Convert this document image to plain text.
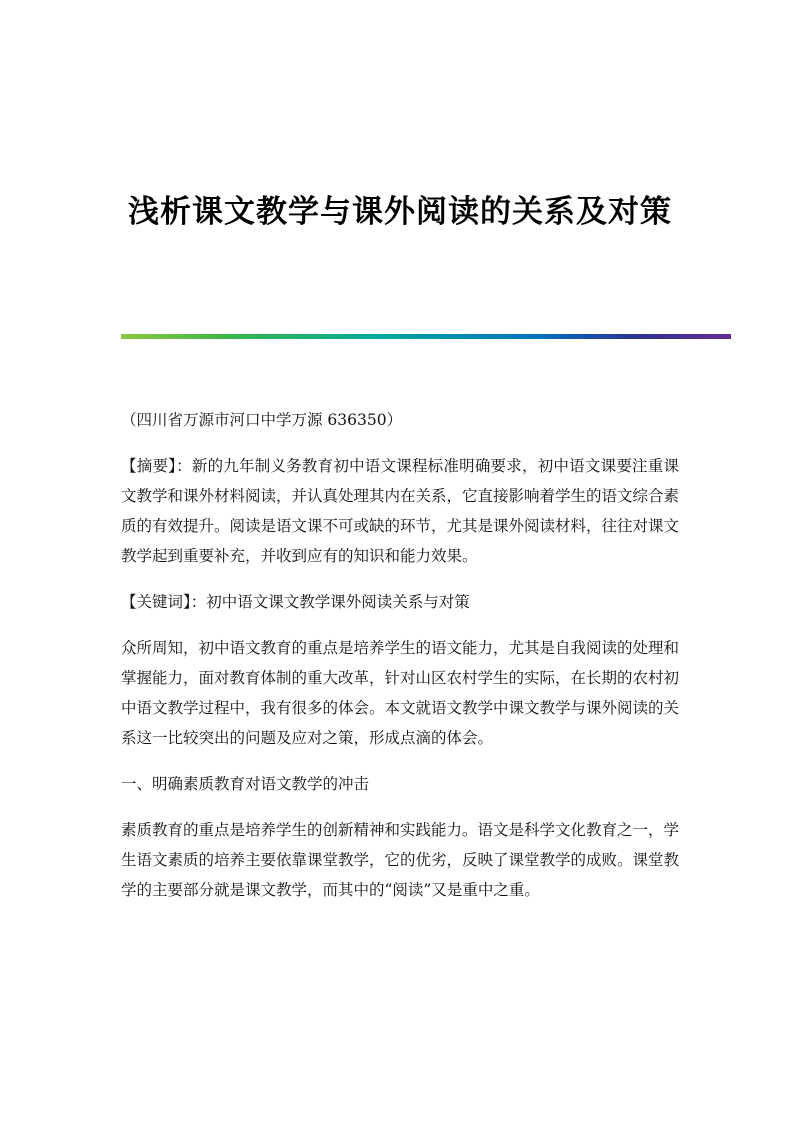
浅析课文教学与课外阅读的关系及对策

（四川省万源市河口中学万源 636350）

【摘要】：新的九年制义务教育初中语文课程标准明确要求，初中语文课要注重课文教学和课外材料阅读，并认真处理其内在关系，它直接影响着学生的语文综合素质的有效提升。阅读是语文课不可或缺的环节，尤其是课外阅读材料，往往对课文教学起到重要补充，并收到应有的知识和能力效果。

【关键词】：初中语文课文教学课外阅读关系与对策

众所周知，初中语文教育的重点是培养学生的语文能力，尤其是自我阅读的处理和掌握能力，面对教育体制的重大改革，针对山区农村学生的实际，在长期的农村初中语文教学过程中，我有很多的体会。本文就语文教学中课文教学与课外阅读的关系这一比较突出的问题及应对之策，形成点滴的体会。

一、明确素质教育对语文教学的冲击

素质教育的重点是培养学生的创新精神和实践能力。语文是科学文化教育之一，学生语文素质的培养主要依靠课堂教学，它的优劣，反映了课堂教学的成败。课堂教学的主要部分就是课文教学，而其中的“阅读”又是重中之重。
